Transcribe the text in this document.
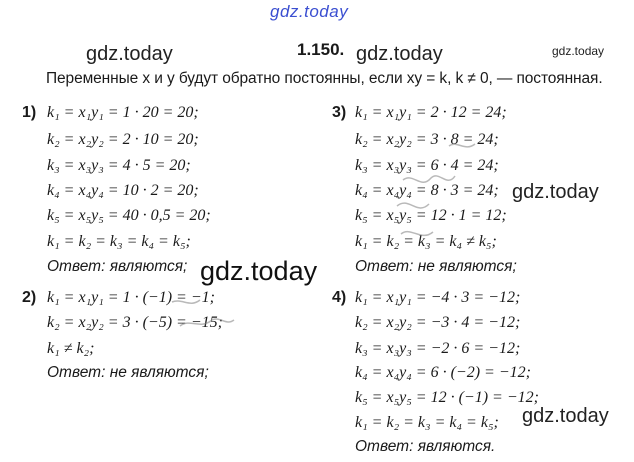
gdz.today
gdz.today	gdz.today	gdz.today
gdz.today
gdz.today
gdz.today
1.150.
Переменные x и y будут обратно постоянны, если xy = k, k ≠ 0, — постоянная.
1) k₁ = x₁y₁ = 1 · 20 = 20;
k₂ = x₂y₂ = 2 · 10 = 20;
k₃ = x₃y₃ = 4 · 5 = 20;
k₄ = x₄y₄ = 10 · 2 = 20;
k₅ = x₅y₅ = 40 · 0,5 = 20;
k₁ = k₂ = k₃ = k₄ = k₅;
Ответ: являются;
2) k₁ = x₁y₁ = 1 · (−1) = −1;
k₂ = x₂y₂ = 3 · (−5) = −15;
k₁ ≠ k₂;
Ответ: не являются;
3) k₁ = x₁y₁ = 2 · 12 = 24;
k₂ = x₂y₂ = 3 · 8 = 24;
k₃ = x₃y₃ = 6 · 4 = 24;
k₄ = x₄y₄ = 8 · 3 = 24;
k₅ = x₅y₅ = 12 · 1 = 12;
k₁ = k₂ = k₃ = k₄ ≠ k₅;
Ответ: не являются;
4) k₁ = x₁y₁ = −4 · 3 = −12;
k₂ = x₂y₂ = −3 · 4 = −12;
k₃ = x₃y₃ = −2 · 6 = −12;
k₄ = x₄y₄ = 6 · (−2) = −12;
k₅ = x₅y₅ = 12 · (−1) = −12;
k₁ = k₂ = k₃ = k₄ = k₅;
Ответ: являются.
